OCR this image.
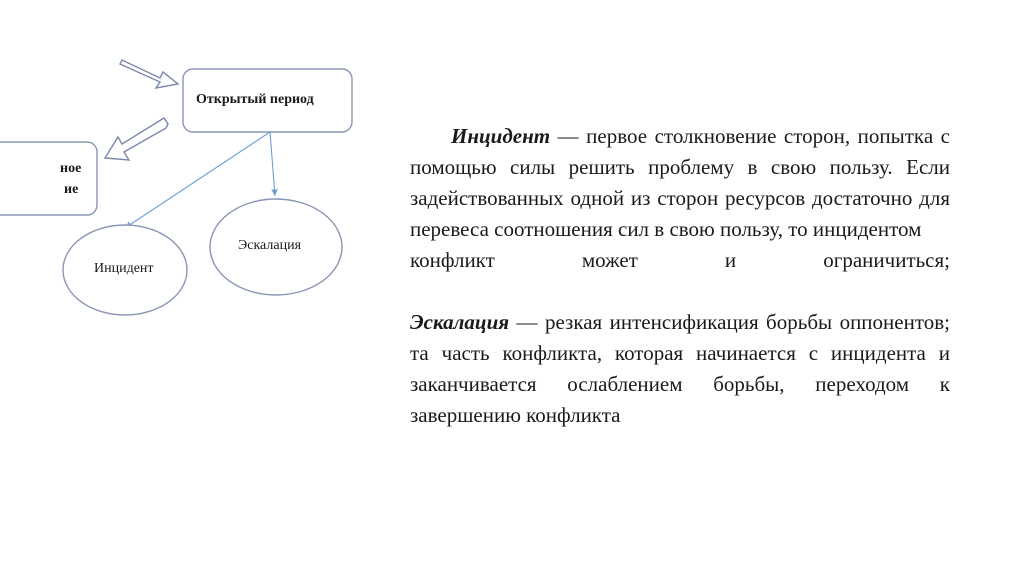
Открытый период
ное
ие
Эскалация
Инцидент

Инцидент — первое столкновение сторон, попытка с помощью силы решить проблему в свою пользу. Если задействованных одной из сторон ресурсов достаточно для перевеса соотношения сил в свою пользу, то инцидентом

конфликт может и ограничиться;

Эскалация — резкая интенсификация борьбы оппонентов; та часть конфликта, которая начинается с инцидента и заканчивается ослаблением борьбы, переходом к завершению конфликта
